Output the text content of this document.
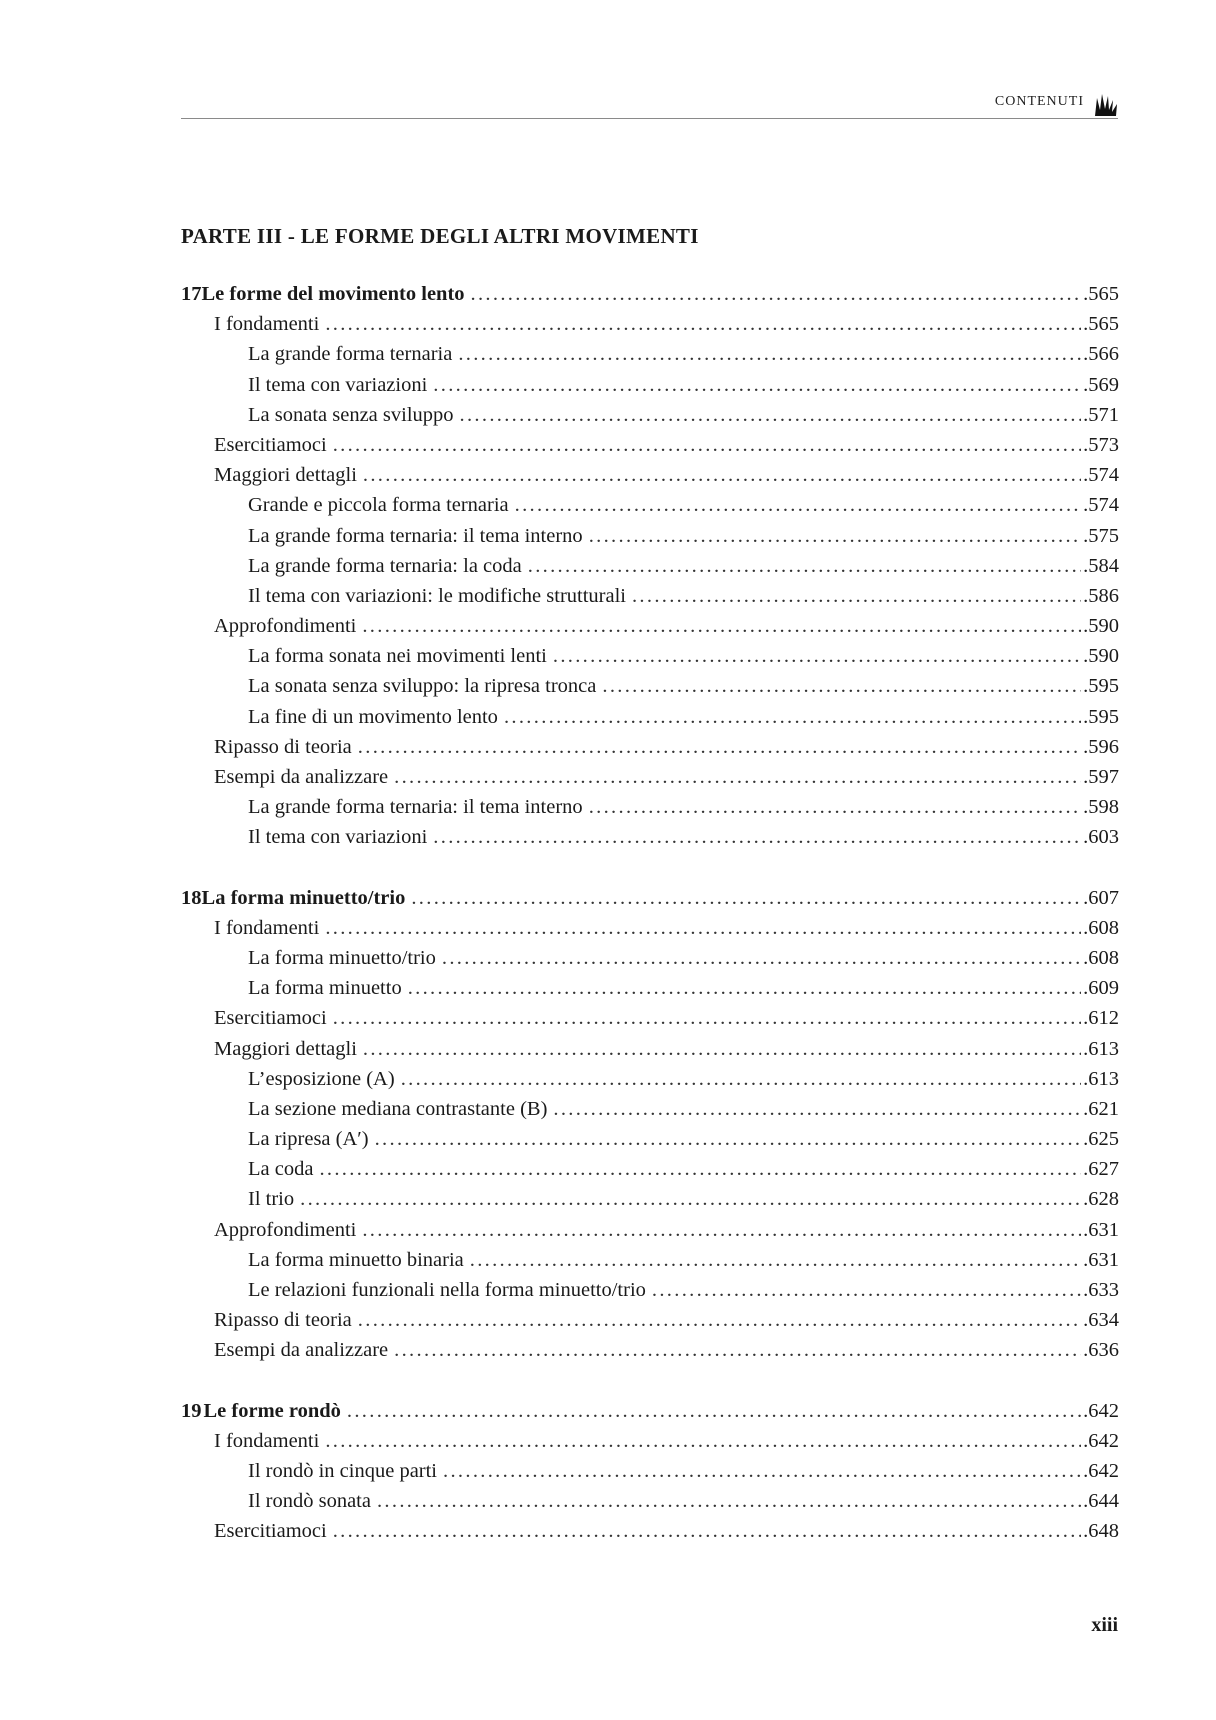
CONTENUTI
PARTE III - LE FORME DEGLI ALTRI MOVIMENTI
17 Le forme del movimento lento . . .	.565
I fondamenti . . .	.565
La grande forma ternaria . . .	.566
Il tema con variazioni . . .	.569
La sonata senza sviluppo . . .	.571
Esercitiamoci . . .	.573
Maggiori dettagli . . .	.574
Grande e piccola forma ternaria . . .	.574
La grande forma ternaria: il tema interno . . .	.575
La grande forma ternaria: la coda . . .	.584
Il tema con variazioni: le modifiche strutturali . . .	.586
Approfondimenti . . .	.590
La forma sonata nei movimenti lenti . . .	.590
La sonata senza sviluppo: la ripresa tronca . . .	.595
La fine di un movimento lento . . .	.595
Ripasso di teoria . . .	.596
Esempi da analizzare . . .	.597
La grande forma ternaria: il tema interno . . .	.598
Il tema con variazioni . . .	.603
18 La forma minuetto/trio . . .	.607
I fondamenti . . .	.608
La forma minuetto/trio . . .	.608
La forma minuetto . . .	.609
Esercitiamoci . . .	.612
Maggiori dettagli . . .	.613
L’esposizione (A) . . .	.613
La sezione mediana contrastante (B) . . .	.621
La ripresa (A′) . . .	.625
La coda . . .	.627
Il trio . . .	.628
Approfondimenti . . .	.631
La forma minuetto binaria . . .	.631
Le relazioni funzionali nella forma minuetto/trio . . .	.633
Ripasso di teoria . . .	.634
Esempi da analizzare . . .	.636
19 Le forme rondò . . .	.642
I fondamenti . . .	.642
Il rondò in cinque parti . . .	.642
Il rondò sonata . . .	.644
Esercitiamoci . . .	.648
xiii
